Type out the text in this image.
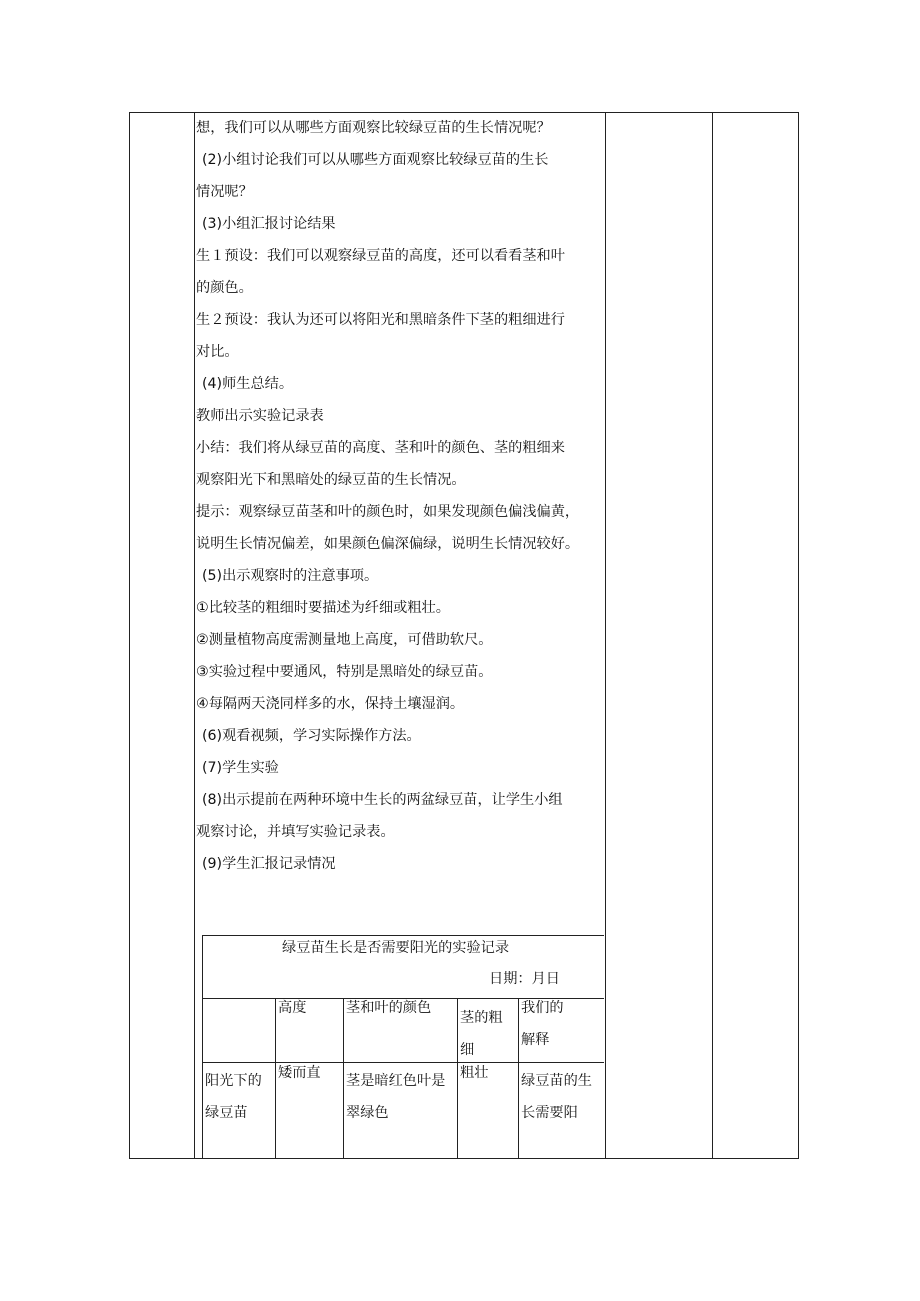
想，我们可以从哪些方面观察比较绿豆苗的生长情况呢？
(2)小组讨论我们可以从哪些方面观察比较绿豆苗的生长
情况呢？
(3)小组汇报讨论结果
生１预设：我们可以观察绿豆苗的高度，还可以看看茎和叶
的颜色。
生２预设：我认为还可以将阳光和黑暗条件下茎的粗细进行
对比。
(4)师生总结。
教师出示实验记录表
小结：我们将从绿豆苗的高度、茎和叶的颜色、茎的粗细来
观察阳光下和黑暗处的绿豆苗的生长情况。
提示：观察绿豆苗茎和叶的颜色时，如果发现颜色偏浅偏黄，
说明生长情况偏差，如果颜色偏深偏绿，说明生长情况较好。
(5)出示观察时的注意事项。
①比较茎的粗细时要描述为纤细或粗壮。
②测量植物高度需测量地上高度，可借助软尺。
③实验过程中要通风，特别是黑暗处的绿豆苗。
④每隔两天浇同样多的水，保持土壤湿润。
(6)观看视频，学习实际操作方法。
(7)学生实验
(8)出示提前在两种环境中生长的两盆绿豆苗，让学生小组
观察讨论，并填写实验记录表。
(9)学生汇报记录情况
绿豆苗生长是否需要阳光的实验记录
日期：月日
高度	茎和叶的颜色
茎的粗
细
我们的
解释
阳光下的
绿豆苗
矮而直 茎是暗红色叶是
翠绿色
粗壮 绿豆苗的生
长需要阳
